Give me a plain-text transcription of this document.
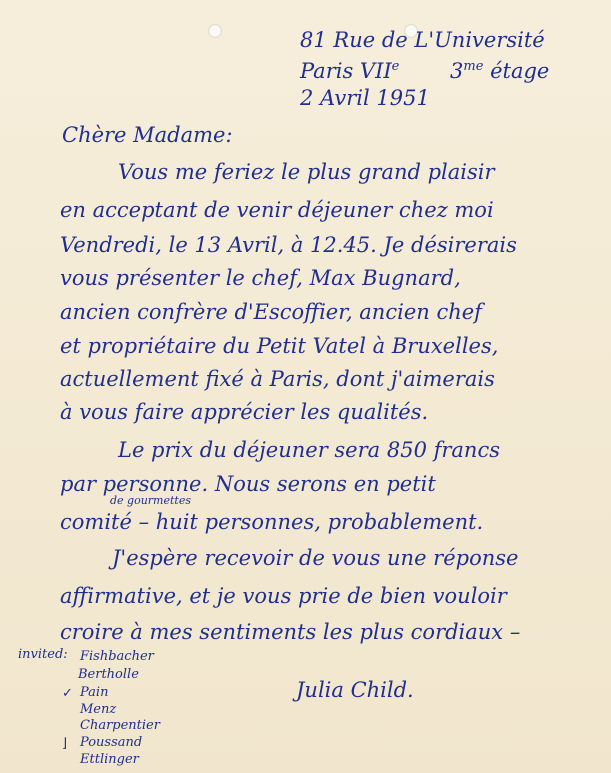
81 Rue de L'Université
Paris VIIe $3^{me}$ étage
2 Avril 1951
Chère Madame:
Vous me feriez le plus grand plaisir
en acceptant de venir déjeuner chez moi
Vendredi, le 13 Avril, à 12.45. Je désirerais
vous présenter le chef, Max Bugnard,
ancien confrère d'Escoffier, ancien chef
et propriétaire du Petit Vatel à Bruxelles,
actuellement fixé à Paris, dont j'aimerais
à vous faire apprécier les qualités.
Le prix du déjeuner sera 850 francs
par personne. Nous serons en petit
de gourmettes
comité – huit personnes, probablement.
J'espère recevoir de vous une réponse
affirmative, et je vous prie de bien vouloir
croire à mes sentiments les plus cordiaux –
Julia Child.
invited: Fishbacher
Bertholle
✓ Pain
Menz
Charpentier
⌋ Poussand
Ettlinger
